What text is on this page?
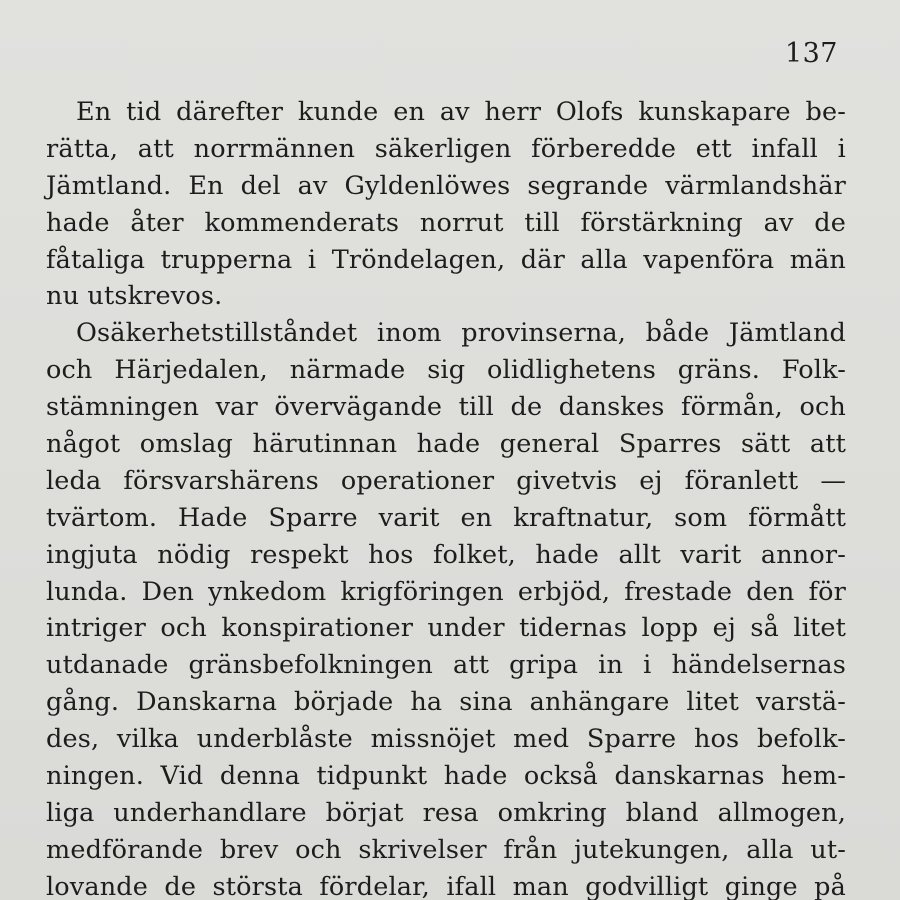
137
En tid därefter kunde en av herr Olofs kunskapare be-
rätta, att norrmännen säkerligen förberedde ett infall i
Jämtland. En del av Gyldenlöwes segrande värmlandshär
hade åter kommenderats norrut till förstärkning av de
fåtaliga trupperna i Tröndelagen, där alla vapenföra män
nu utskrevos.
Osäkerhetstillståndet inom provinserna, både Jämtland
och Härjedalen, närmade sig olidlighetens gräns. Folk-
stämningen var övervägande till de danskes förmån, och
något omslag härutinnan hade general Sparres sätt att
leda försvarshärens operationer givetvis ej föranlett —
tvärtom. Hade Sparre varit en kraftnatur, som förmått
ingjuta nödig respekt hos folket, hade allt varit annor-
lunda. Den ynkedom krigföringen erbjöd, frestade den för
intriger och konspirationer under tidernas lopp ej så litet
utdanade gränsbefolkningen att gripa in i händelsernas
gång. Danskarna började ha sina anhängare litet varstä-
des, vilka underblåste missnöjet med Sparre hos befolk-
ningen. Vid denna tidpunkt hade också danskarnas hem-
liga underhandlare börjat resa omkring bland allmogen,
medförande brev och skrivelser från jutekungen, alla ut-
lovande de största fördelar, ifall man godvilligt ginge på
